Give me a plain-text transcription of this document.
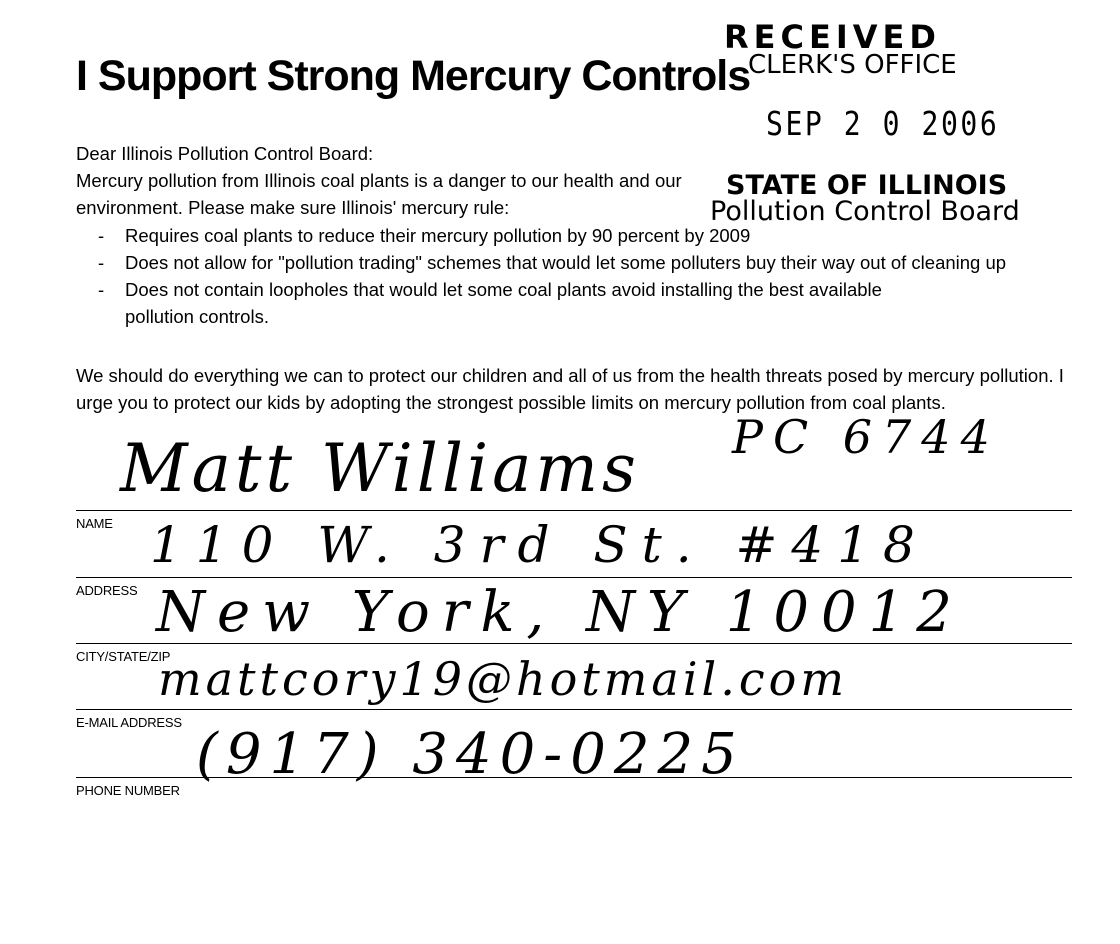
I Support Strong Mercury Controls
RECEIVED
CLERK'S OFFICE
SEP 2 0 2006
STATE OF ILLINOIS
Pollution Control Board
Dear Illinois Pollution Control Board:
Mercury pollution from Illinois coal plants is a danger to our health and our environment. Please make sure Illinois' mercury rule:
- Requires coal plants to reduce their mercury pollution by 90 percent by 2009
- Does not allow for "pollution trading" schemes that would let some polluters buy their way out of cleaning up
- Does not contain loopholes that would let some coal plants avoid installing the best available pollution controls.
We should do everything we can to protect our children and all of us from the health threats posed by mercury pollution. I urge you to protect our kids by adopting the strongest possible limits on mercury pollution from coal plants.
PC 6744
Matt Williams
NAME 110 W. 3rd St. #418
ADDRESS New York, NY 10012
CITY/STATE/ZIP
mattcory19@hotmail.com
E-MAIL ADDRESS (917) 340-0225
PHONE NUMBER
